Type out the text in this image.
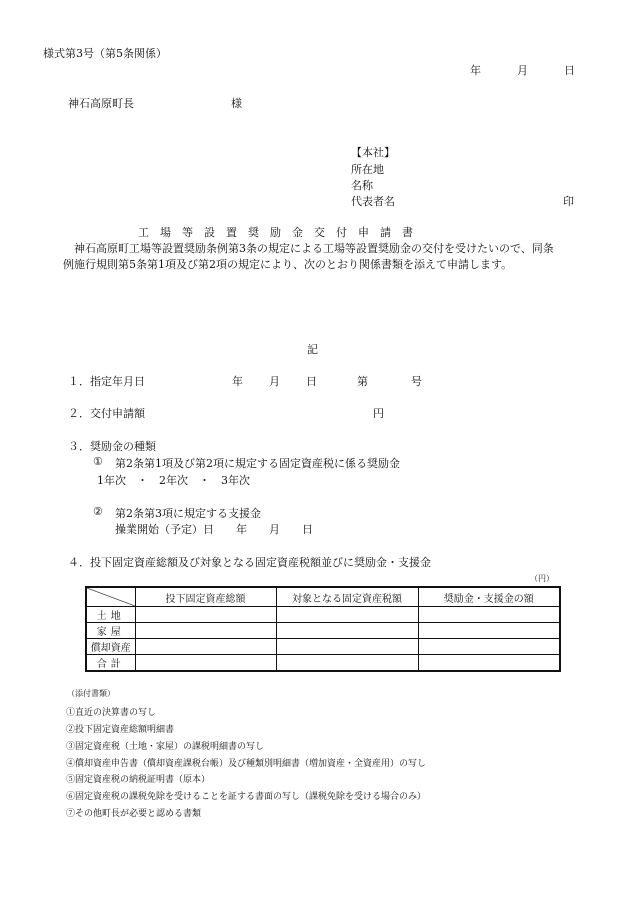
様式第3号（第5条関係）
年	月	日
神石高原町長	様
【本社】
所在地
名称
代表者名	印
工　場　等　設　置　奨　励　金　交　付　申　請　書
神石高原町工場等設置奨励条例第3条の規定による工場等設置奨励金の交付を受けたいので、同条例施行規則第5条第1項及び第2項の規定により、次のとおり関係書類を添えて申請します。
記
１．指定年月日	年 月 日	第	号
２．交付申請額	円
３．奨励金の種類
① 第2条第1項及び第2項に規定する固定資産税に係る奨励金
1年次　・　2年次　・　3年次
② 第2条第3項に規定する支援金
操業開始（予定）日　　年　　月　　日
４．投下固定資産総額及び対象となる固定資産税額並びに奨励金・支援金
（円）
	投下固定資産総額	対象となる固定資産税額	奨励金・支援金の額
土地			
家屋			
償却資産			
合計			
（添付書類）
①直近の決算書の写し
②投下固定資産総額明細書
③固定資産税（土地・家屋）の課税明細書の写し
④償却資産申告書（償却資産課税台帳）及び種類別明細書（増加資産・全資産用）の写し
⑤固定資産税の納税証明書（原本）
⑥固定資産税の課税免除を受けることを証する書面の写し（課税免除を受ける場合のみ）
⑦その他町長が必要と認める書類
